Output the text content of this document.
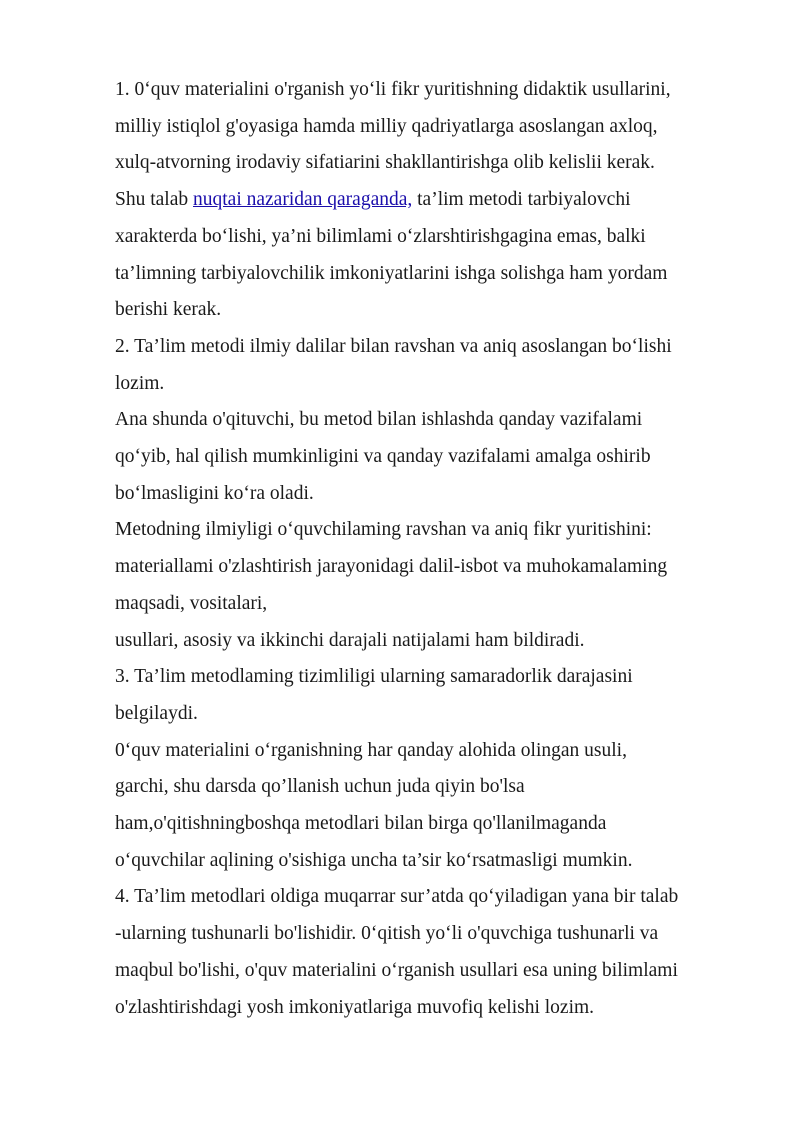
1. 0‘quv materialini o'rganish yo‘li fikr yuritishning didaktik usullarini,
milliy istiqlol g'oyasiga hamda milliy qadriyatlarga asoslangan axloq,
xulq-atvorning irodaviy sifatiarini shakllantirishga olib kelislii kerak.
Shu talab nuqtai nazaridan qaraganda, ta’lim metodi tarbiyalovchi
xarakterda bo‘lishi, ya’ni bilimlami o‘zlarshtirishgagina emas, balki
ta’limning tarbiyalovchilik imkoniyatlarini ishga solishga ham yordam
berishi kerak.
2. Ta’lim metodi ilmiy dalilar bilan ravshan va aniq asoslangan bo‘lishi
lozim.
Ana shunda o'qituvchi, bu metod bilan ishlashda qanday vazifalami
qo‘yib, hal qilish mumkinligini va qanday vazifalami amalga oshirib
bo‘lmasligini ko‘ra oladi.
Metodning ilmiyligi o‘quvchilaming ravshan va aniq fikr yuritishini:
materiallami o'zlashtirish jarayonidagi dalil-isbot va muhokamalaming
maqsadi, vositalari,
usullari, asosiy va ikkinchi darajali natijalami ham bildiradi.
3. Ta’lim metodlaming tizimliligi ularning samaradorlik darajasini
belgilaydi.
0‘quv materialini o‘rganishning har qanday alohida olingan usuli,
garchi, shu darsda qo’llanish uchun juda qiyin bo'lsa
ham,o'qitishningboshqa metodlari bilan birga qo'llanilmaganda
o‘quvchilar aqlining o'sishiga uncha ta’sir ko‘rsatmasligi mumkin.
4. Ta’lim metodlari oldiga muqarrar sur’atda qo‘yiladigan yana bir talab
-ularning tushunarli bo'lishidir. 0‘qitish yo‘li o'quvchiga tushunarli va
maqbul bo'lishi, o'quv materialini o‘rganish usullari esa uning bilimlami
o'zlashtirishdagi yosh imkoniyatlariga muvofiq kelishi lozim.
